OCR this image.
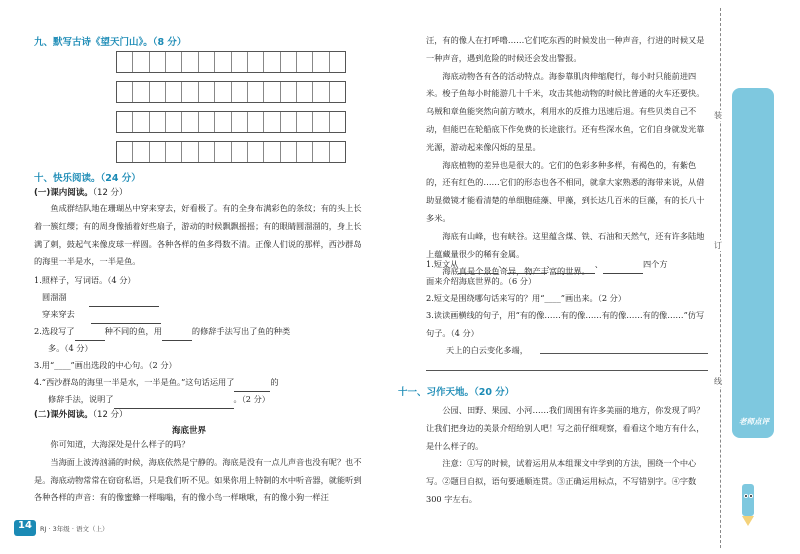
九、默写古诗《望天门山》。（8 分）
十、快乐阅读。（24 分）
(一)课内阅读。（12 分）

鱼成群结队地在珊瑚丛中穿来穿去，好看极了。有的全身布满彩色的条纹；有的头上长着一簇红缨；有的周身像插着好些扇子，游动的时候飘飘摇摇；有的眼睛圆溜溜的，身上长满了刺，鼓起气来像皮球一样圆。各种各样的鱼多得数不清。正像人们说的那样，西沙群岛的海里一半是水，一半是鱼。

1.照样子，写词语。（4 分）
圆溜溜
穿来穿去
2.选段写了	种不同的鱼，用	的修辞手法写出了鱼的种类
多。（4 分）
3.用“____”画出选段的中心句。（2 分）
4.“西沙群岛的海里一半是水，一半是鱼。”这句话运用了	的
修辞手法，说明了	。（2 分）
(二)课外阅读。（12 分）
海底世界

你可知道，大海深处是什么样子的吗？

当海面上波涛汹涌的时候，海底依然是宁静的。海底是没有一点儿声音也没有呢？也不是。海底动物常常在窃窃私语，只是我们听不见。如果你用上特制的水中听音器，就能听到各种各样的声音：有的像蜜蜂一样嗡嗡，有的像小鸟一样啾啾，有的像小狗一样汪

14	RJ · 3年级 · 语文（上）

汪，有的像人在打呼噜……它们吃东西的时候发出一种声音，行进的时候又是一种声音，遇到危险的时候还会发出警报。

海底动物各有各的活动特点。海参靠肌肉伸缩爬行，每小时只能前进四米。梭子鱼每小时能游几十千米，攻击其他动物的时候比普通的火车还要快。乌贼和章鱼能突然向前方喷水，利用水的反推力迅速后退。有些贝类自己不动，但能巴在轮船底下作免费的长途旅行。还有些深水鱼，它们自身就发光靠光源，游动起来像闪烁的星星。

海底植物的差异也是很大的。它们的色彩多种多样，有褐色的，有紫色的，还有红色的……它们的形态也各不相同，就拿大家熟悉的海带来说，从借助显微镜才能看清楚的单细胞硅藻、甲藻，到长达几百米的巨藻，有的长八十多米。

海底有山峰，也有峡谷。这里蕴含煤、铁、石油和天然气，还有许多陆地上蕴藏量很少的稀有金属。

海底真是个景色奇异，物产丰富的世界。

1.短文从	、	、	、	四个方
面来介绍海底世界的。（6 分）
2.短文是围绕哪句话来写的？用“____”画出来。（2 分）

3.读读画横线的句子，用“有的像……有的像……有的像……有的像……”仿写句子。（4 分）

天上的白云变化多端，
十一、习作天地。（20 分）

公园、田野、果园、小河……我们周围有许多美丽的地方，你发现了吗？让我们把身边的美景介绍给别人吧！写之前仔细观察，看看这个地方有什么，是什么样子的。

注意：①写的时候，试着运用从本组课文中学到的方法，围绕一个中心写。②题目自拟，语句要通顺连贯。③正确运用标点，不写错别字。④字数 300 字左右。

装
订
线
老师点评
